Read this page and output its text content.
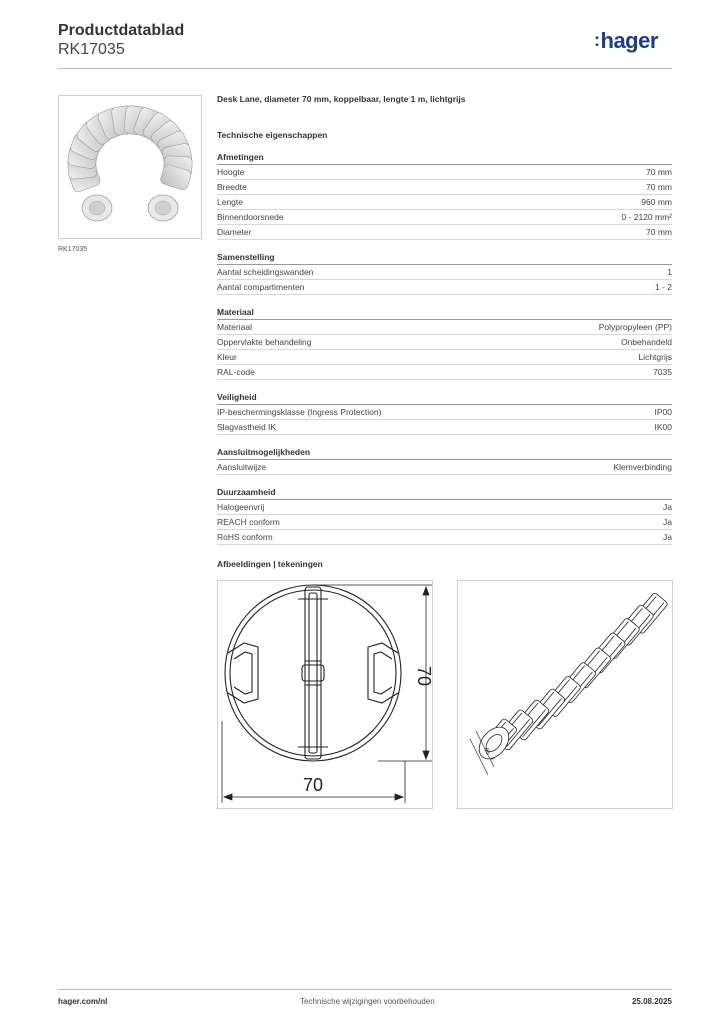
Productdatablad
RK17035	:hager
RK17035
Desk Lane, diameter 70 mm, koppelbaar, lengte 1 m, lichtgrijs
Technische eigenschappen
Afmetingen
Hoogte	70 mm
Breedte	70 mm
Lengte	960 mm
Binnendoorsnede	0 - 2120 mm²
Diameter	70 mm
Samenstelling
Aantal scheidingswanden	1
Aantal compartimenten	1 - 2
Materiaal
Materiaal	Polypropyleen (PP)
Oppervlakte behandeling	Onbehandeld
Kleur	Lichtgrijs
RAL-code	7035
Veiligheid
IP-beschermingsklasse (Ingress Protection)	IP00
Slagvastheid IK	IK00
Aansluitmogelijkheden
Aansluitwijze	Klemverbinding
Duurzaamheid
Halogeenvrij	Ja
REACH conform	Ja
RoHS conform	Ja
Afbeeldingen | tekeningen
70
70
66
hager.com/nl	Technische wijzigingen voorbehouden	25.08.2025
